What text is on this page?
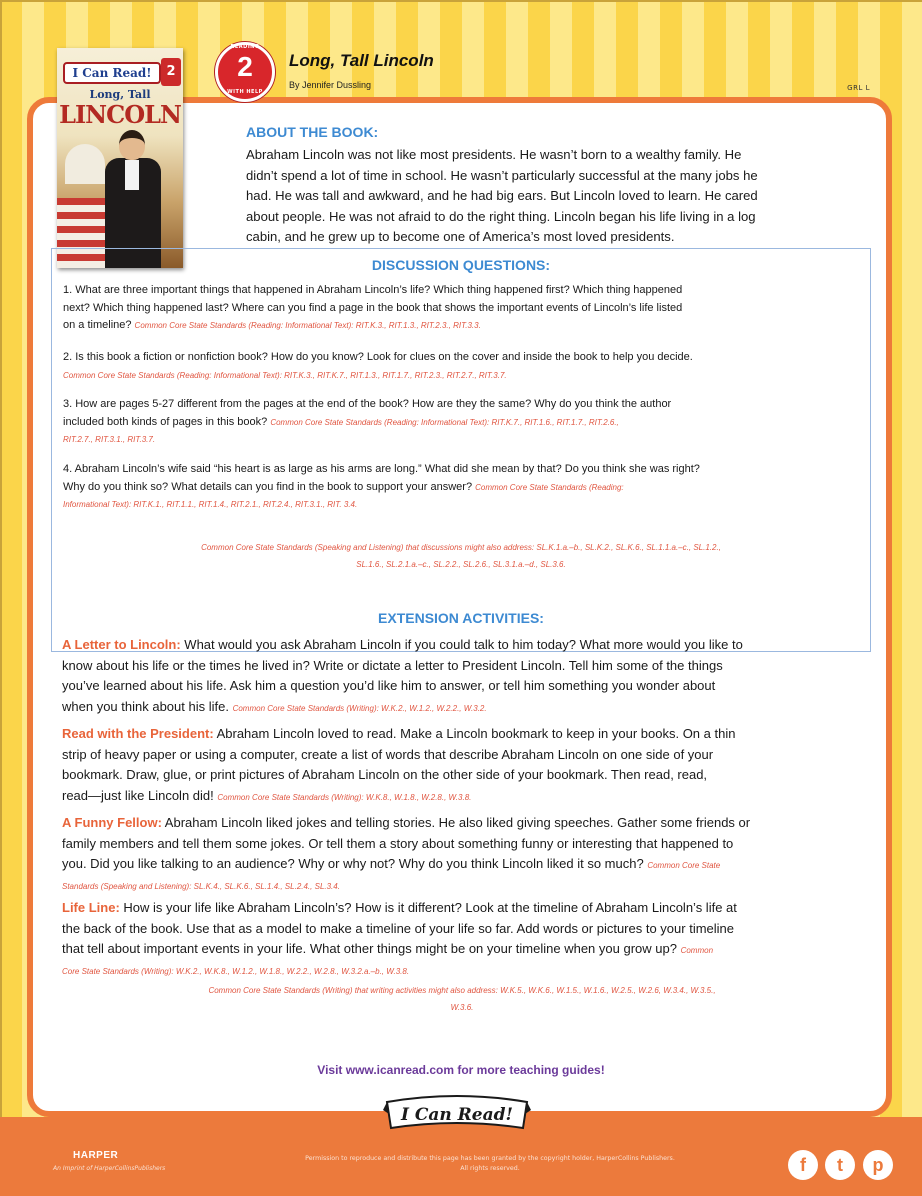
I Can Read!	2
Long, Tall
LINCOLN
READING
2
WITH HELP
Long, Tall Lincoln
By Jennifer Dussling	GRL L
ABOUT THE BOOK:
Abraham Lincoln was not like most presidents. He wasn’t born to a wealthy family. He
didn’t spend a lot of time in school. He wasn’t particularly successful at the many jobs he
had. He was tall and awkward, and he had big ears. But Lincoln loved to learn. He cared
about people. He was not afraid to do the right thing. Lincoln began his life living in a log
cabin, and he grew up to become one of America’s most loved presidents.
DISCUSSION QUESTIONS:
1. What are three important things that happened in Abraham Lincoln’s life? Which thing happened first? Which thing happened
next? Which thing happened last? Where can you find a page in the book that shows the important events of Lincoln’s life listed
on a timeline? Common Core State Standards (Reading: Informational Text): RIT.K.3., RIT.1.3., RIT.2.3., RIT.3.3.
2. Is this book a fiction or nonfiction book? How do you know? Look for clues on the cover and inside the book to help you decide.
Common Core State Standards (Reading: Informational Text): RIT.K.3., RIT.K.7., RIT.1.3., RIT.1.7., RIT.2.3., RIT.2.7., RIT.3.7.
3. How are pages 5-27 different from the pages at the end of the book? How are they the same? Why do you think the author
included both kinds of pages in this book? Common Core State Standards (Reading: Informational Text): RIT.K.7., RIT.1.6., RIT.1.7., RIT.2.6.,
RIT.2.7., RIT.3.1., RIT.3.7.
4. Abraham Lincoln’s wife said “his heart is as large as his arms are long.” What did she mean by that? Do you think she was right?
Why do you think so? What details can you find in the book to support your answer? Common Core State Standards (Reading:
Informational Text): RIT.K.1., RIT.1.1., RIT.1.4., RIT.2.1., RIT.2.4., RIT.3.1., RIT. 3.4.
Common Core State Standards (Speaking and Listening) that discussions might also address: SL.K.1.a.–b., SL.K.2., SL.K.6., SL.1.1.a.–c., SL.1.2.,
SL.1.6., SL.2.1.a.–c., SL.2.2., SL.2.6., SL.3.1.a.–d., SL.3.6.
EXTENSION ACTIVITIES:
A Letter to Lincoln: What would you ask Abraham Lincoln if you could talk to him today? What more would you like to
know about his life or the times he lived in? Write or dictate a letter to President Lincoln. Tell him some of the things
you’ve learned about his life. Ask him a question you’d like him to answer, or tell him something you wonder about
when you think about his life. Common Core State Standards (Writing): W.K.2., W.1.2., W.2.2., W.3.2.
Read with the President: Abraham Lincoln loved to read. Make a Lincoln bookmark to keep in your books. On a thin
strip of heavy paper or using a computer, create a list of words that describe Abraham Lincoln on one side of your
bookmark. Draw, glue, or print pictures of Abraham Lincoln on the other side of your bookmark. Then read, read,
read—just like Lincoln did! Common Core State Standards (Writing): W.K.8., W.1.8., W.2.8., W.3.8.
A Funny Fellow: Abraham Lincoln liked jokes and telling stories. He also liked giving speeches. Gather some friends or
family members and tell them some jokes. Or tell them a story about something funny or interesting that happened to
you. Did you like talking to an audience? Why or why not? Why do you think Lincoln liked it so much? Common Core State
Standards (Speaking and Listening): SL.K.4., SL.K.6., SL.1.4., SL.2.4., SL.3.4.
Life Line: How is your life like Abraham Lincoln’s? How is it different? Look at the timeline of Abraham Lincoln’s life at
the back of the book. Use that as a model to make a timeline of your life so far. Add words or pictures to your timeline
that tell about important events in your life. What other things might be on your timeline when you grow up? Common
Core State Standards (Writing): W.K.2., W.K.8., W.1.2., W.1.8., W.2.2., W.2.8., W.3.2.a.–b., W.3.8.
Common Core State Standards (Writing) that writing activities might also address: W.K.5., W.K.6., W.1.5., W.1.6., W.2.5., W.2.6, W.3.4., W.3.5.,
W.3.6.
Visit www.icanread.com for more teaching guides!
I Can Read!
HARPER
An Imprint of HarperCollinsPublishers
Permission to reproduce and distribute this page has been granted by the copyright holder, HarperCollins Publishers.
All rights reserved.	f	t	p
